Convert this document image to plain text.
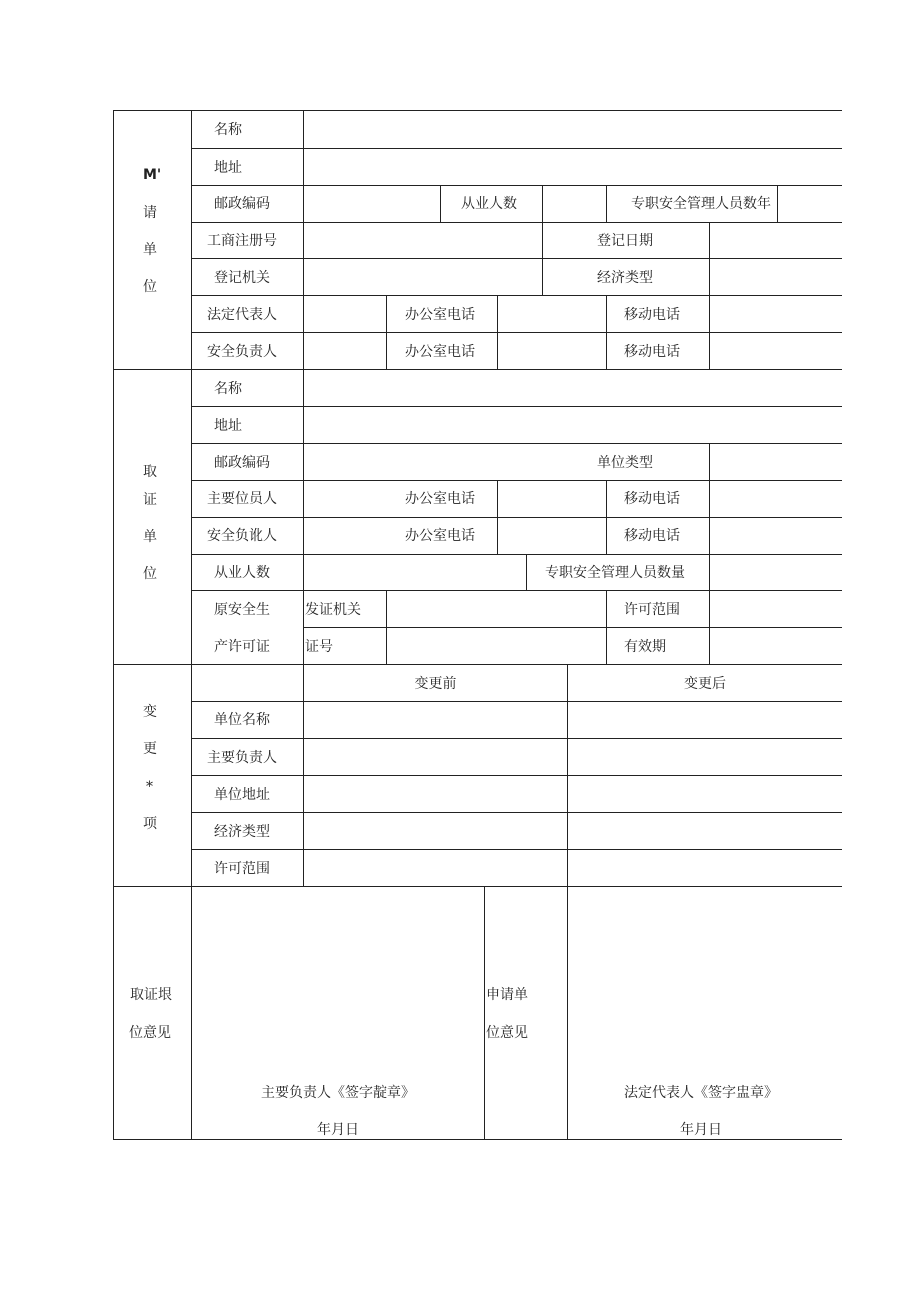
M'
请
单
位
名称
地址
邮政编码	从业人数	专职安全管理人员数年
工商注册号	登记日期
登记机关	经济类型
法定代表人	办公室电话	移动电话
安全负责人	办公室电话	移动电话
取
证
单
位
名称
地址
邮政编码	单位类型
主要位员人	办公室电话	移动电话
安全负讹人	办公室电话	移动电话
从业人数	专职安全管理人员数量
原安全生
产许可证
发证机关	许可范围
证号	有效期
变
更
*
项
变更前	变更后
单位名称
主要负责人
单位地址
经济类型
许可范围
取证垠
位意见
主要负责人《签字靛章》
年月日
申请单
位意见
法定代表人《签字盅章》
年月日
